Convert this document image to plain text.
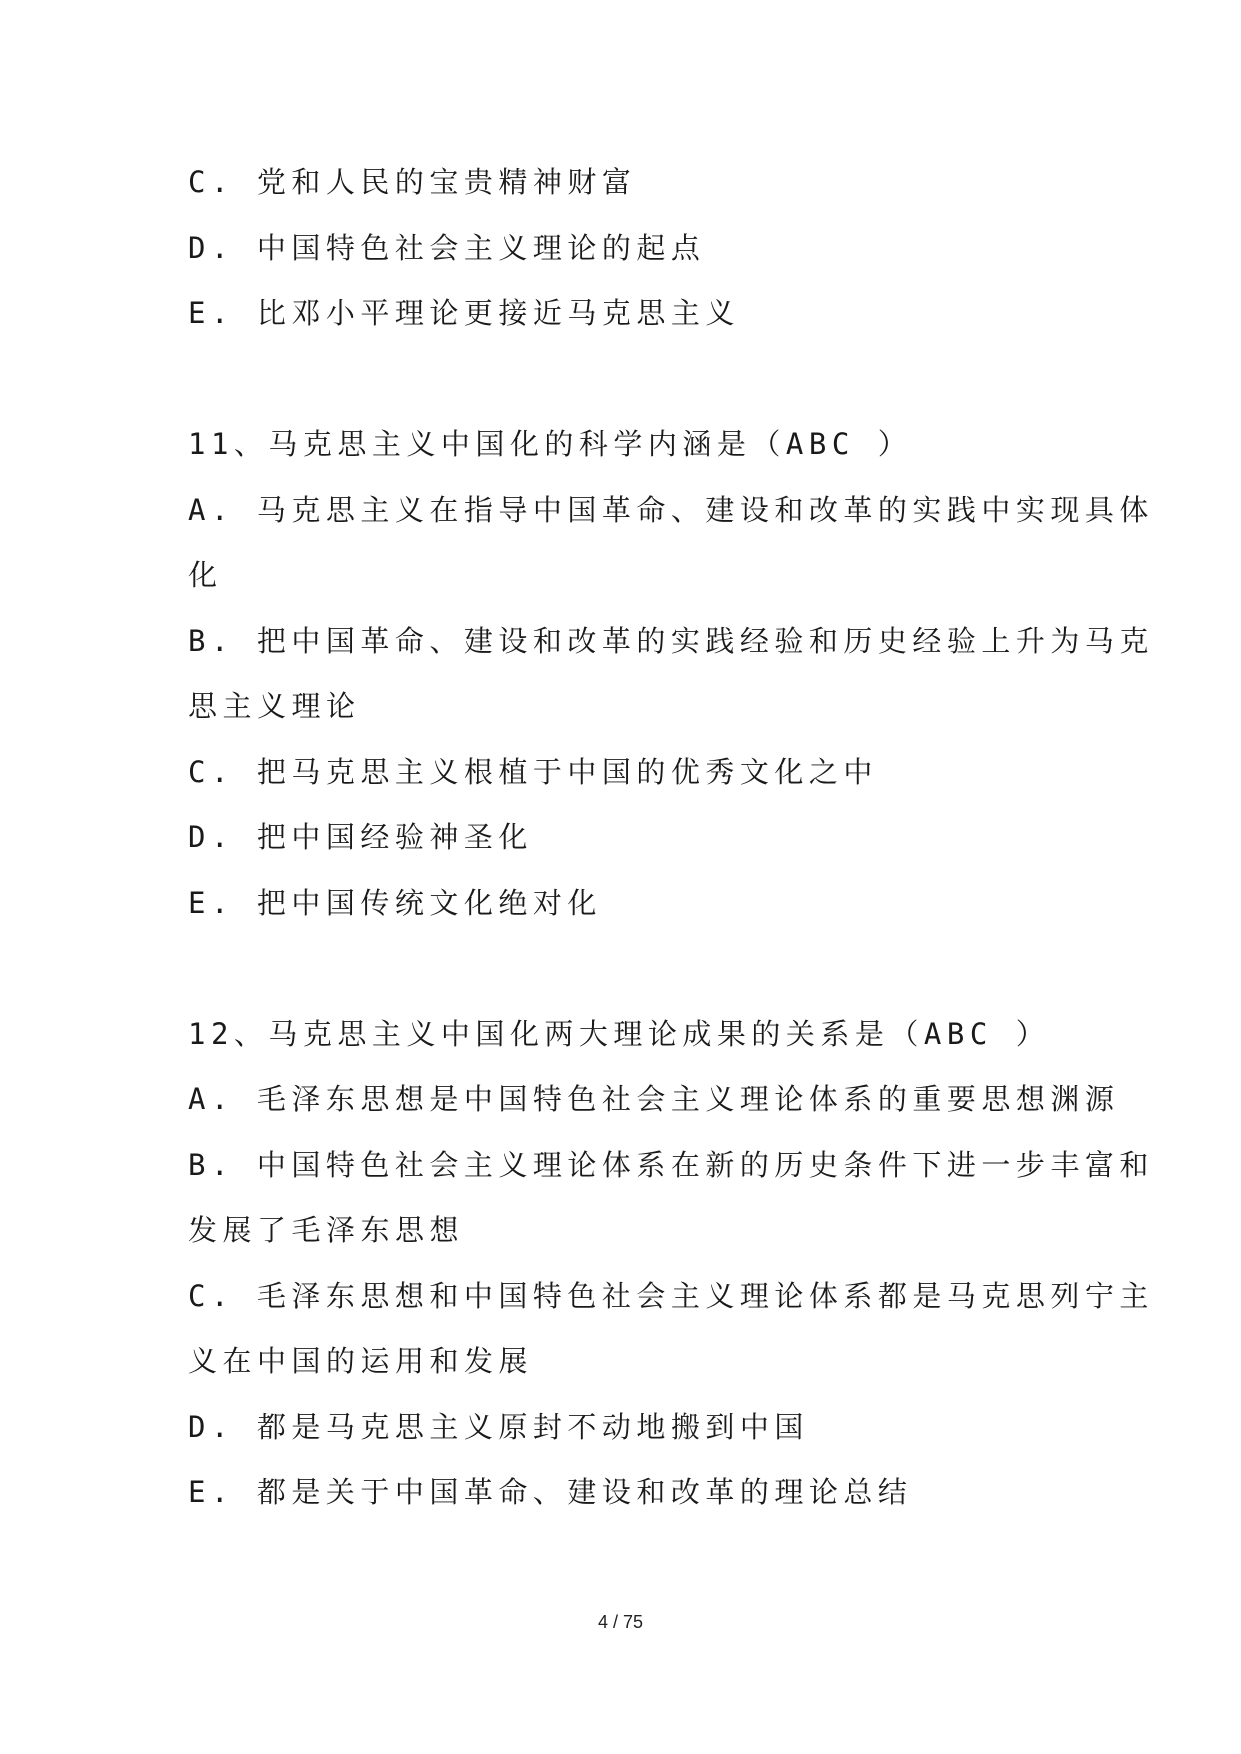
C. 党和人民的宝贵精神财富
D. 中国特色社会主义理论的起点
E. 比邓小平理论更接近马克思主义
11、马克思主义中国化的科学内涵是（ABC ）
A. 马克思主义在指导中国革命、建设和改革的实践中实现具体
化
B. 把中国革命、建设和改革的实践经验和历史经验上升为马克
思主义理论
C. 把马克思主义根植于中国的优秀文化之中
D. 把中国经验神圣化
E. 把中国传统文化绝对化
12、马克思主义中国化两大理论成果的关系是（ABC ）
A. 毛泽东思想是中国特色社会主义理论体系的重要思想渊源
B. 中国特色社会主义理论体系在新的历史条件下进一步丰富和
发展了毛泽东思想
C. 毛泽东思想和中国特色社会主义理论体系都是马克思列宁主
义在中国的运用和发展
D. 都是马克思主义原封不动地搬到中国
E. 都是关于中国革命、建设和改革的理论总结
4 / 75
